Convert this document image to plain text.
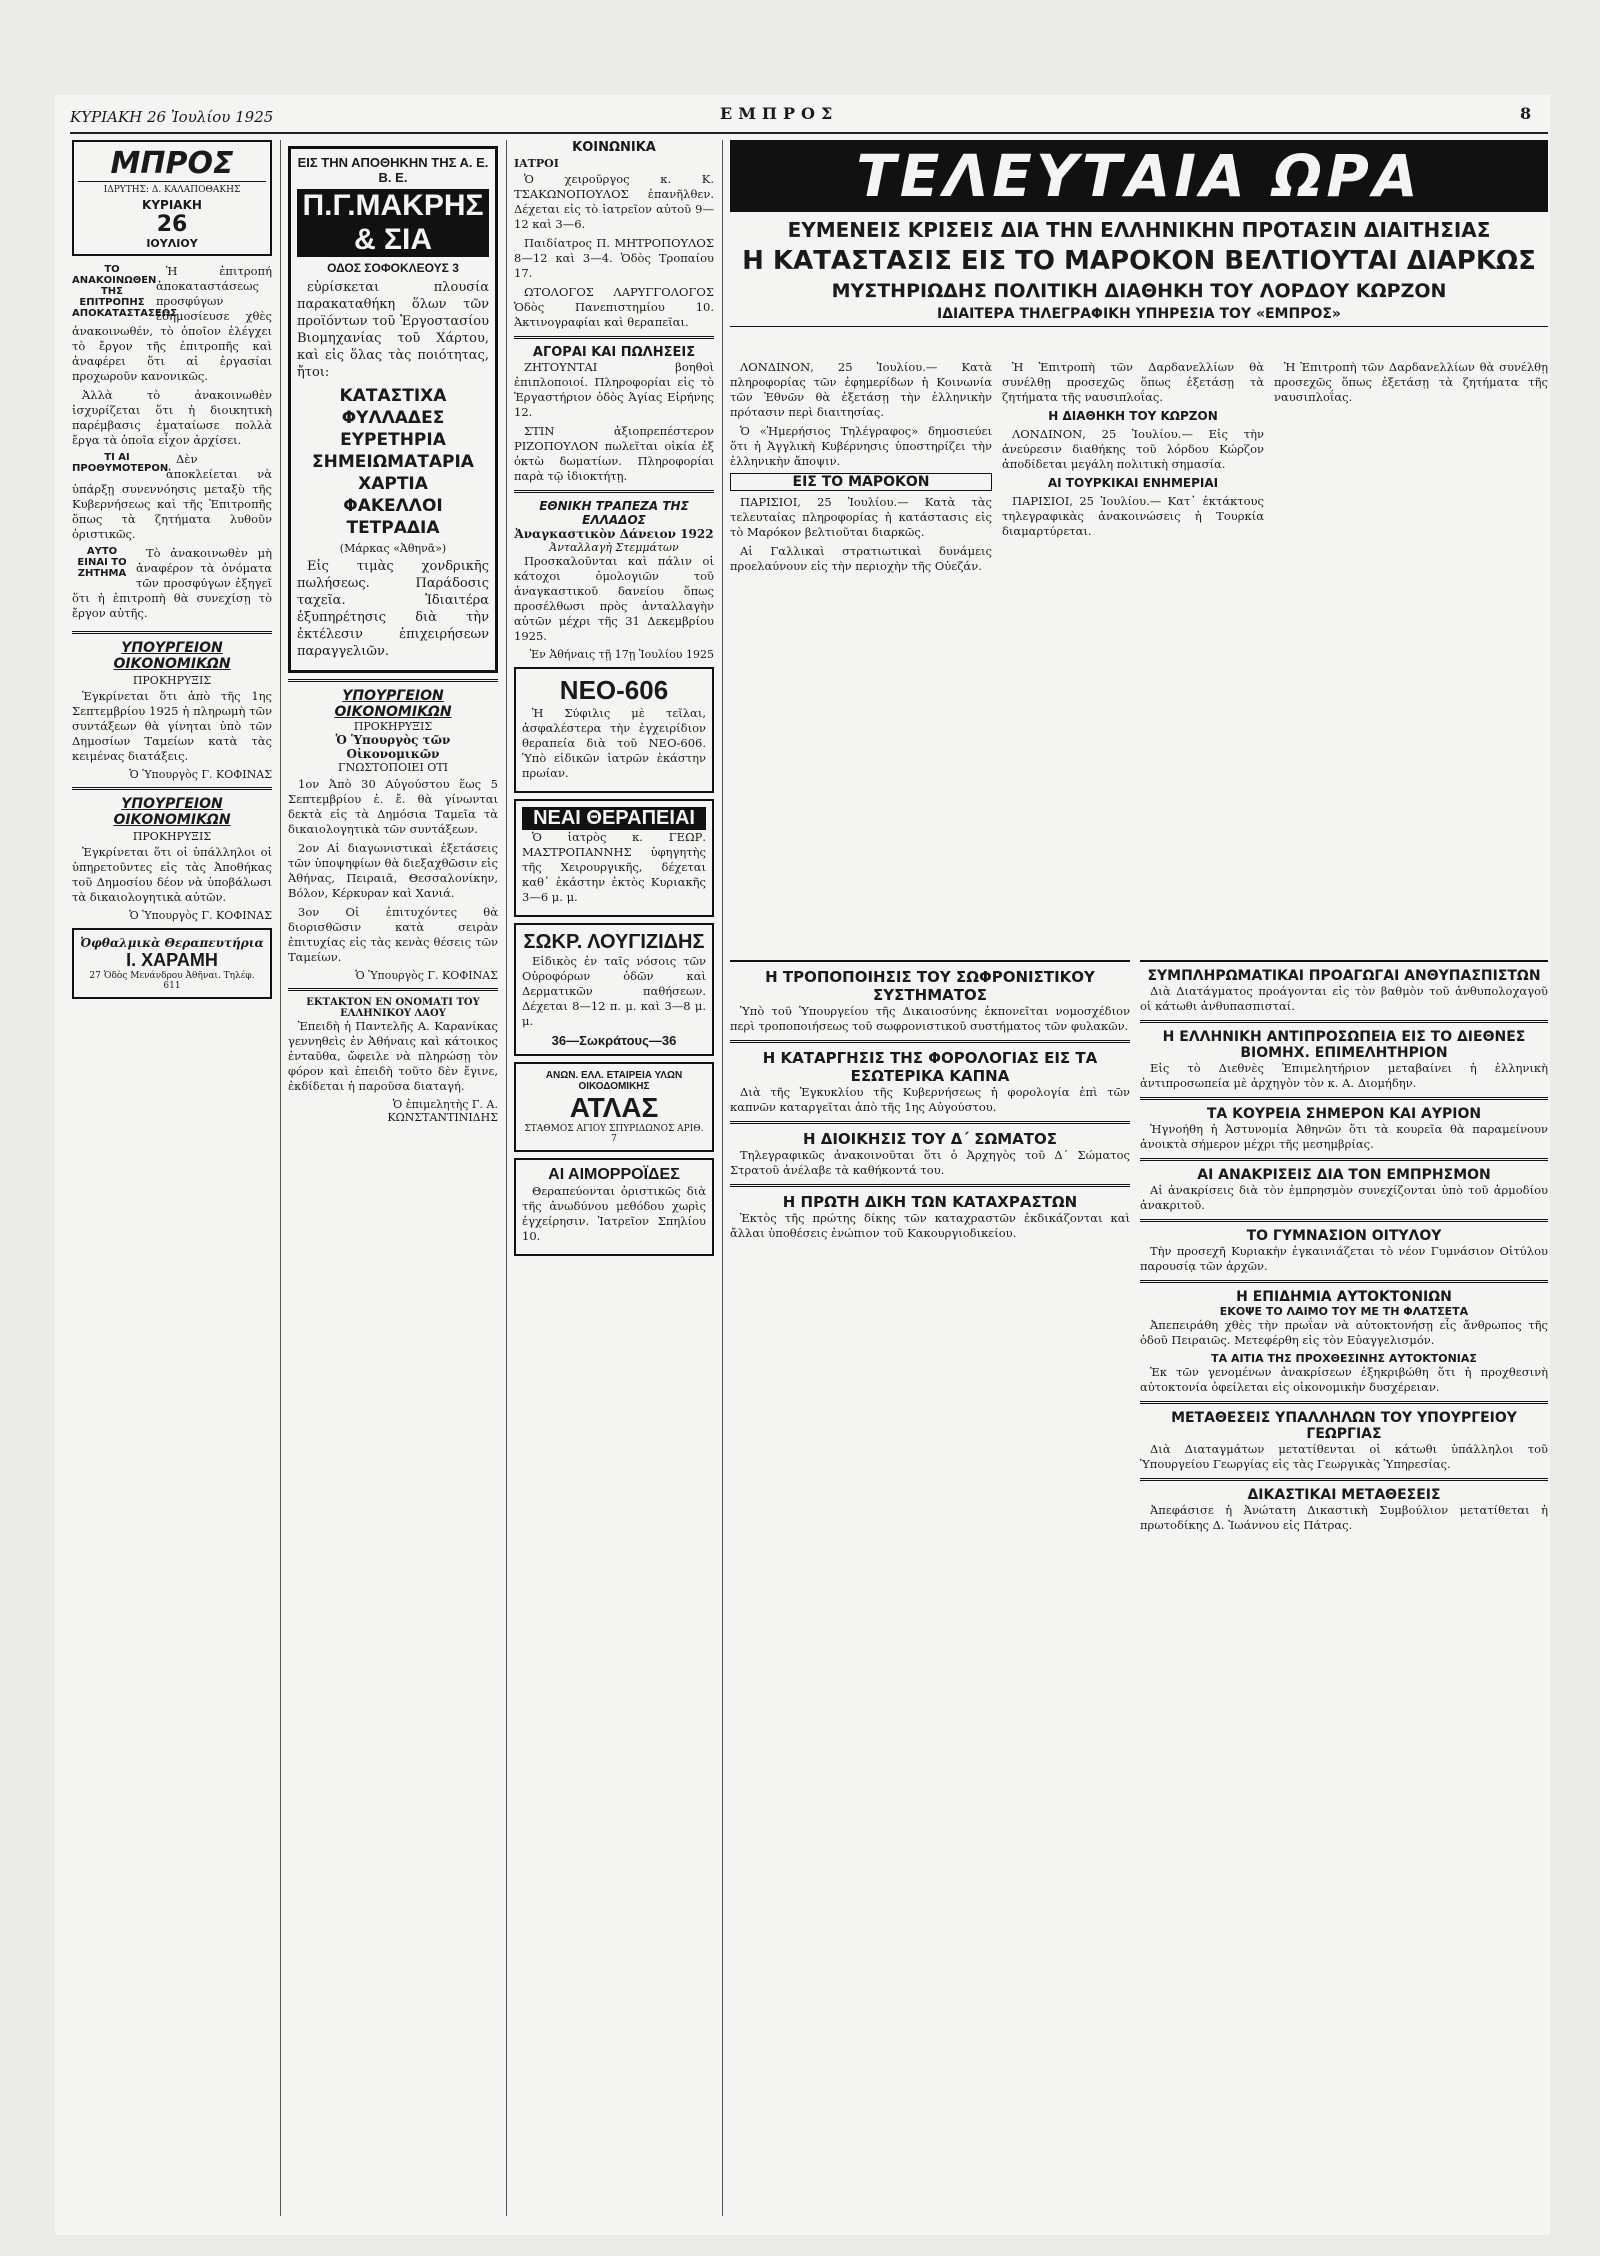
ΚΥΡΙΑΚΗ 26 Ἰουλίου 1925	ΕΜΠΡΟΣ	8
ΜΠΡΟΣ
ΙΔΡΥΤΗΣ: Δ. ΚΑΛΑΠΟΘΑΚΗΣ
ΚΥΡΙΑΚΗ
26
ΙΟΥΛΙΟΥ
ΤΟ ΑΝΑΚΟΙΝΩΘΕΝ ΤΗΣ ΕΠΙΤΡΟΠΗΣ ΑΠΟΚΑΤΑΣΤΑΣΕΩΣ

Ἡ ἐπιτροπή ἀποκαταστάσεως προσφύγων ἐδημοσίευσε χθὲς ἀνακοινωθέν, τὸ ὁποῖον ἐλέγχει τὸ ἔργον τῆς ἐπιτροπῆς καὶ ἀναφέρει ὅτι αἱ ἐργασίαι προχωροῦν κανονικῶς.

Ἀλλὰ τὸ ἀνακοινωθὲν ἰσχυρίζεται ὅτι ἡ διοικητικὴ παρέμβασις ἐματαίωσε πολλὰ ἔργα τὰ ὁποῖα εἶχον ἀρχίσει.

ΤΙ ΑΙ ΠΡΟΘΥΜΟΤΕΡΟΝ

Δὲν ἀποκλείεται νὰ ὑπάρξῃ συνεννόησις μεταξὺ τῆς Κυβερνήσεως καὶ τῆς Ἐπιτροπῆς ὅπως τὰ ζητήματα λυθοῦν ὁριστικῶς.

ΑΥΤΟ ΕΙΝΑΙ ΤΟ ΖΗΤΗΜΑ

Τὸ ἀνακοινωθὲν μὴ ἀναφέρον τὰ ὀνόματα τῶν προσφύγων ἐξηγεῖ ὅτι ἡ ἐπιτροπὴ θὰ συνεχίσῃ τὸ ἔργον αὐτῆς.

ΥΠΟΥΡΓΕΙΟΝ ΟΙΚΟΝΟΜΙΚΩΝ
ΠΡΟΚΗΡΥΞΙΣ

Ἐγκρίνεται ὅτι ἀπὸ τῆς 1ης Σεπτεμβρίου 1925 ἡ πληρωμὴ τῶν συντάξεων θὰ γίνηται ὑπὸ τῶν Δημοσίων Ταμείων κατὰ τὰς κειμένας διατάξεις.

Ὁ Ὑπουργὸς Γ. ΚΟΦΙΝΑΣ
ΥΠΟΥΡΓΕΙΟΝ ΟΙΚΟΝΟΜΙΚΩΝ
ΠΡΟΚΗΡΥΞΙΣ

Ἐγκρίνεται ὅτι οἱ ὑπάλληλοι οἱ ὑπηρετοῦντες εἰς τὰς Ἀποθήκας τοῦ Δημοσίου δέον νὰ ὑποβάλωσι τὰ δικαιολογητικὰ αὐτῶν.

Ὁ Ὑπουργὸς Γ. ΚΟΦΙΝΑΣ
Ὀφθαλμικὰ Θεραπευτήρια
Ι. ΧΑΡΑΜΗ
27 Ὁδὸς Μενάνδρου Ἀθῆναι. Τηλέφ. 611
ΕΙΣ ΤΗΝ ΑΠΟΘΗΚΗΝ ΤΗΣ Α. Ε. Β. Ε.
Π.Γ.ΜΑΚΡΗΣ & ΣΙΑ
ΟΔΟΣ ΣΟΦΟΚΛΕΟΥΣ 3

εὑρίσκεται πλουσία παρακαταθήκη ὅλων τῶν προϊόντων τοῦ Ἐργοστασίου Βιομηχανίας τοῦ Χάρτου, καὶ εἰς ὅλας τὰς ποιότητας, ἤτοι:

ΚΑΤΑΣΤΙΧΑ
ΦΥΛΛΑΔΕΣ
ΕΥΡΕΤΗΡΙΑ
ΣΗΜΕΙΩΜΑΤΑΡΙΑ
ΧΑΡΤΙΑ
ΦΑΚΕΛΛΟΙ
ΤΕΤΡΑΔΙΑ
(Μάρκας «Ἀθηνᾶ»)

Εἰς τιμὰς χονδρικῆς πωλήσεως. Παράδοσις ταχεῖα. Ἰδιαιτέρα ἐξυπηρέτησις διὰ τὴν ἐκτέλεσιν ἐπιχειρήσεων παραγγελιῶν.

ΥΠΟΥΡΓΕΙΟΝ ΟΙΚΟΝΟΜΙΚΩΝ
ΠΡΟΚΗΡΥΞΙΣ
Ὁ Ὑπουργὸς τῶν Οἰκονομικῶν
ΓΝΩΣΤΟΠΟΙΕΙ ΟΤΙ

1ον Ἀπὸ 30 Αὐγούστου ἕως 5 Σεπτεμβρίου ἐ. ἔ. θὰ γίνωνται δεκτὰ εἰς τὰ Δημόσια Ταμεῖα τὰ δικαιολογητικὰ τῶν συντάξεων.

2ον Αἱ διαγωνιστικαὶ ἐξετάσεις τῶν ὑποψηφίων θὰ διεξαχθῶσιν εἰς Ἀθήνας, Πειραιᾶ, Θεσσαλονίκην, Βόλον, Κέρκυραν καὶ Χανιά.

3ον Οἱ ἐπιτυχόντες θὰ διορισθῶσιν κατὰ σειρὰν ἐπιτυχίας εἰς τὰς κενὰς θέσεις τῶν Ταμείων.

Ὁ Ὑπουργὸς Γ. ΚΟΦΙΝΑΣ
ΕΚΤΑΚΤΟΝ ΕΝ ΟΝΟΜΑΤΙ ΤΟΥ ΕΛΛΗΝΙΚΟΥ ΛΑΟΥ

Ἐπειδὴ ἡ Παντελῆς Α. Καρανίκας γεννηθεὶς ἐν Ἀθήναις καὶ κάτοικος ἐνταῦθα, ὤφειλε νὰ πληρώσῃ τὸν φόρον καὶ ἐπειδὴ τοῦτο δὲν ἔγινε, ἐκδίδεται ἡ παροῦσα διαταγή.

Ὁ ἐπιμελητὴς Γ. Α. ΚΩΝΣΤΑΝΤΙΝΙΔΗΣ
ΚΟΙΝΩΝΙΚΑ
ΙΑΤΡΟΙ

Ὁ χειροῦργος κ. Κ. ΤΣΑΚΩΝΟΠΟΥΛΟΣ ἐπανῆλθεν. Δέχεται εἰς τὸ ἰατρεῖον αὐτοῦ 9—12 καὶ 3—6.

Παιδίατρος Π. ΜΗΤΡΟΠΟΥΛΟΣ 8—12 καὶ 3—4. Ὁδὸς Τροπαίου 17.

ΩΤΟΛΟΓΟΣ ΛΑΡΥΓΓΟΛΟΓΟΣ Ὁδὸς Πανεπιστημίου 10. Ἀκτινογραφίαι καὶ θεραπεῖαι.

ΑΓΟΡΑΙ ΚΑΙ ΠΩΛΗΣΕΙΣ

ΖΗΤΟΥΝΤΑΙ βοηθοὶ ἐπιπλοποιοί. Πληροφορίαι εἰς τὸ Ἐργαστήριον ὁδὸς Ἀγίας Εἰρήνης 12.

ΣΤΙΝ ἀξιοπρεπέστερον ΡΙΖΟΠΟΥΛΟΝ πωλεῖται οἰκία ἐξ ὀκτὼ δωματίων. Πληροφορίαι παρὰ τῷ ἰδιοκτήτῃ.

ΕΘΝΙΚΗ ΤΡΑΠΕΖΑ ΤΗΣ ΕΛΛΑΔΟΣ
Ἀναγκαστικὸν Δάνειον 1922
Ἀνταλλαγὴ Στεμμάτων

Προσκαλοῦνται καὶ πάλιν οἱ κάτοχοι ὁμολογιῶν τοῦ ἀναγκαστικοῦ δανείου ὅπως προσέλθωσι πρὸς ἀνταλλαγὴν αὐτῶν μέχρι τῆς 31 Δεκεμβρίου 1925.

Ἐν Ἀθήναις τῇ 17ῃ Ἰουλίου 1925
ΝΕΟ-606

Ἡ Σύφιλις μὲ τεῖλαι, ἀσφαλέστερα τὴν ἐγχειρίδιον θεραπεία διὰ τοῦ ΝΕΟ-606. Ὑπὸ εἰδικῶν ἰατρῶν ἑκάστην πρωίαν.

ΝΕΑΙ ΘΕΡΑΠΕΙΑΙ

Ὁ ἰατρὸς κ. ΓΕΩΡ. ΜΑΣΤΡΟΠΑΝΝΗΣ ὑφηγητὴς τῆς Χειρουργικῆς, δέχεται καθ᾽ ἑκάστην ἐκτὸς Κυριακῆς 3—6 μ. μ.

ΣΩΚΡ. ΛΟΥΓΙΖΙΔΗΣ

Εἰδικὸς ἐν ταῖς νόσοις τῶν Οὐροφόρων ὁδῶν καὶ Δερματικῶν παθήσεων. Δέχεται 8—12 π. μ. καὶ 3—8 μ. μ.

36—Σωκράτους—36
ΑΝΩΝ. ΕΛΛ. ΕΤΑΙΡΕΙΑ ΥΛΩΝ ΟΙΚΟΔΟΜΙΚΗΣ
ΑΤΛΑΣ
ΣΤΑΘΜΟΣ ΑΓΙΟΥ ΣΠΥΡΙΔΩΝΟΣ ΑΡΙΘ. 7
ΑΙ ΑΙΜΟΡΡΟΪΔΕΣ

Θεραπεύονται ὁριστικῶς διὰ τῆς ἀνωδύνου μεθόδου χωρὶς ἐγχείρησιν. Ἰατρεῖον Σπηλίου 10.

ΤΕΛΕΥΤΑΙΑ ΩΡΑ
ΕΥΜΕΝΕΙΣ ΚΡΙΣΕΙΣ ΔΙΑ ΤΗΝ ΕΛΛΗΝΙΚΗΝ ΠΡΟΤΑΣΙΝ ΔΙΑΙΤΗΣΙΑΣ
Η ΚΑΤΑΣΤΑΣΙΣ ΕΙΣ ΤΟ ΜΑΡΟΚΟΝ ΒΕΛΤΙΟΥΤΑΙ ΔΙΑΡΚΩΣ
ΜΥΣΤΗΡΙΩΔΗΣ ΠΟΛΙΤΙΚΗ ΔΙΑΘΗΚΗ ΤΟΥ ΛΟΡΔΟΥ ΚΩΡΖΟΝ
ΙΔΙΑΙΤΕΡΑ ΤΗΛΕΓΡΑΦΙΚΗ ΥΠΗΡΕΣΙΑ ΤΟΥ «ΕΜΠΡΟΣ»

ΛΟΝΔΙΝΟΝ, 25 Ἰουλίου.— Κατὰ πληροφορίας τῶν ἐφημερίδων ἡ Κοινωνία τῶν Ἐθνῶν θὰ ἐξετάσῃ τὴν ἑλληνικὴν πρότασιν περὶ διαιτησίας.

Ὁ «Ἡμερήσιος Τηλέγραφος» δημοσιεύει ὅτι ἡ Ἀγγλικὴ Κυβέρνησις ὑποστηρίζει τὴν ἑλληνικὴν ἄποψιν.

ΕΙΣ ΤΟ ΜΑΡΟΚΟΝ

ΠΑΡΙΣΙΟΙ, 25 Ἰουλίου.— Κατὰ τὰς τελευταίας πληροφορίας ἡ κατάστασις εἰς τὸ Μαρόκον βελτιοῦται διαρκῶς.

Αἱ Γαλλικαὶ στρατιωτικαὶ δυνάμεις προελαύνουν εἰς τὴν περιοχὴν τῆς Οὐεζάν.

Ἡ Ἐπιτροπὴ τῶν Δαρδανελλίων θὰ συνέλθῃ προσεχῶς ὅπως ἐξετάσῃ τὰ ζητήματα τῆς ναυσιπλοΐας.

Η ΔΙΑΘΗΚΗ ΤΟΥ ΚΩΡΖΟΝ

ΛΟΝΔΙΝΟΝ, 25 Ἰουλίου.— Εἰς τὴν ἀνεύρεσιν διαθήκης τοῦ λόρδου Κώρζον ἀποδίδεται μεγάλη πολιτικὴ σημασία.

ΑΙ ΤΟΥΡΚΙΚΑΙ ΕΝΗΜΕΡΙΑΙ

ΠΑΡΙΣΙΟΙ, 25 Ἰουλίου.— Κατ᾽ ἐκτάκτους τηλεγραφικὰς ἀνακοινώσεις ἡ Τουρκία διαμαρτύρεται.

Ἡ Ἐπιτροπὴ τῶν Δαρδανελλίων θὰ συνέλθῃ προσεχῶς ὅπως ἐξετάσῃ τὰ ζητήματα τῆς ναυσιπλοΐας.

Η ΤΡΟΠΟΠΟΙΗΣΙΣ ΤΟΥ ΣΩΦΡΟΝΙΣΤΙΚΟΥ ΣΥΣΤΗΜΑΤΟΣ

Ὑπὸ τοῦ Ὑπουργείου τῆς Δικαιοσύνης ἐκπονεῖται νομοσχέδιον περὶ τροποποιήσεως τοῦ σωφρονιστικοῦ συστήματος τῶν φυλακῶν.

Η ΚΑΤΑΡΓΗΣΙΣ ΤΗΣ ΦΟΡΟΛΟΓΙΑΣ ΕΙΣ ΤΑ ΕΣΩΤΕΡΙΚΑ ΚΑΠΝΑ

Διὰ τῆς Ἐγκυκλίου τῆς Κυβερνήσεως ἡ φορολογία ἐπὶ τῶν καπνῶν καταργεῖται ἀπὸ τῆς 1ης Αὐγούστου.

Η ΔΙΟΙΚΗΣΙΣ ΤΟΥ Δ΄ ΣΩΜΑΤΟΣ

Τηλεγραφικῶς ἀνακοινοῦται ὅτι ὁ Ἀρχηγὸς τοῦ Δ΄ Σώματος Στρατοῦ ἀνέλαβε τὰ καθήκοντά του.

Η ΠΡΩΤΗ ΔΙΚΗ ΤΩΝ ΚΑΤΑΧΡΑΣΤΩΝ

Ἐκτὸς τῆς πρώτης δίκης τῶν καταχραστῶν ἐκδικάζονται καὶ ἄλλαι ὑποθέσεις ἐνώπιον τοῦ Κακουργιοδικείου.

ΣΥΜΠΛΗΡΩΜΑΤΙΚΑΙ ΠΡΟΑΓΩΓΑΙ ΑΝΘΥΠΑΣΠΙΣΤΩΝ

Διὰ Διατάγματος προάγονται εἰς τὸν βαθμὸν τοῦ ἀνθυπολοχαγοῦ οἱ κάτωθι ἀνθυπασπισταί.

Η ΕΛΛΗΝΙΚΗ ΑΝΤΙΠΡΟΣΩΠΕΙΑ ΕΙΣ ΤΟ ΔΙΕΘΝΕΣ ΒΙΟΜΗΧ. ΕΠΙΜΕΛΗΤΗΡΙΟΝ

Εἰς τὸ Διεθνὲς Ἐπιμελητήριον μεταβαίνει ἡ ἑλληνικὴ ἀντιπροσωπεία μὲ ἀρχηγὸν τὸν κ. Α. Διομήδην.

ΤΑ ΚΟΥΡΕΙΑ ΣΗΜΕΡΟΝ ΚΑΙ ΑΥΡΙΟΝ

Ἠγνοήθη ἡ Ἀστυνομία Ἀθηνῶν ὅτι τὰ κουρεῖα θὰ παραμείνουν ἀνοικτὰ σήμερον μέχρι τῆς μεσημβρίας.

ΑΙ ΑΝΑΚΡΙΣΕΙΣ ΔΙΑ ΤΟΝ ΕΜΠΡΗΣΜΟΝ

Αἱ ἀνακρίσεις διὰ τὸν ἐμπρησμὸν συνεχίζονται ὑπὸ τοῦ ἀρμοδίου ἀνακριτοῦ.

ΤΟ ΓΥΜΝΑΣΙΟΝ ΟΙΤΥΛΟΥ

Τὴν προσεχῆ Κυριακὴν ἐγκαινιάζεται τὸ νέον Γυμνάσιον Οἰτύλου παρουσίᾳ τῶν ἀρχῶν.

Η ΕΠΙΔΗΜΙΑ ΑΥΤΟΚΤΟΝΙΩΝ
ΕΚΟΨΕ ΤΟ ΛΑΙΜΟ ΤΟΥ ΜΕ ΤΗ ΦΛΑΤΣΕΤΑ

Ἀπεπειράθη χθὲς τὴν πρωΐαν νὰ αὐτοκτονήσῃ εἷς ἄνθρωπος τῆς ὁδοῦ Πειραιῶς. Μετεφέρθη εἰς τὸν Εὐαγγελισμόν.

ΤΑ ΑΙΤΙΑ ΤΗΣ ΠΡΟΧΘΕΣΙΝΗΣ ΑΥΤΟΚΤΟΝΙΑΣ

Ἐκ τῶν γενομένων ἀνακρίσεων ἐξηκριβώθη ὅτι ἡ προχθεσινὴ αὐτοκτονία ὀφείλεται εἰς οἰκονομικὴν δυσχέρειαν.

ΜΕΤΑΘΕΣΕΙΣ ΥΠΑΛΛΗΛΩΝ ΤΟΥ ΥΠΟΥΡΓΕΙΟΥ ΓΕΩΡΓΙΑΣ

Διὰ Διαταγμάτων μετατίθενται οἱ κάτωθι ὑπάλληλοι τοῦ Ὑπουργείου Γεωργίας εἰς τὰς Γεωργικὰς Ὑπηρεσίας.

ΔΙΚΑΣΤΙΚΑΙ ΜΕΤΑΘΕΣΕΙΣ

Ἀπεφάσισε ἡ Ἀνώτατη Δικαστικὴ Συμβούλιον μετατίθεται ἡ πρωτοδίκης Δ. Ἰωάννου εἰς Πάτρας.
